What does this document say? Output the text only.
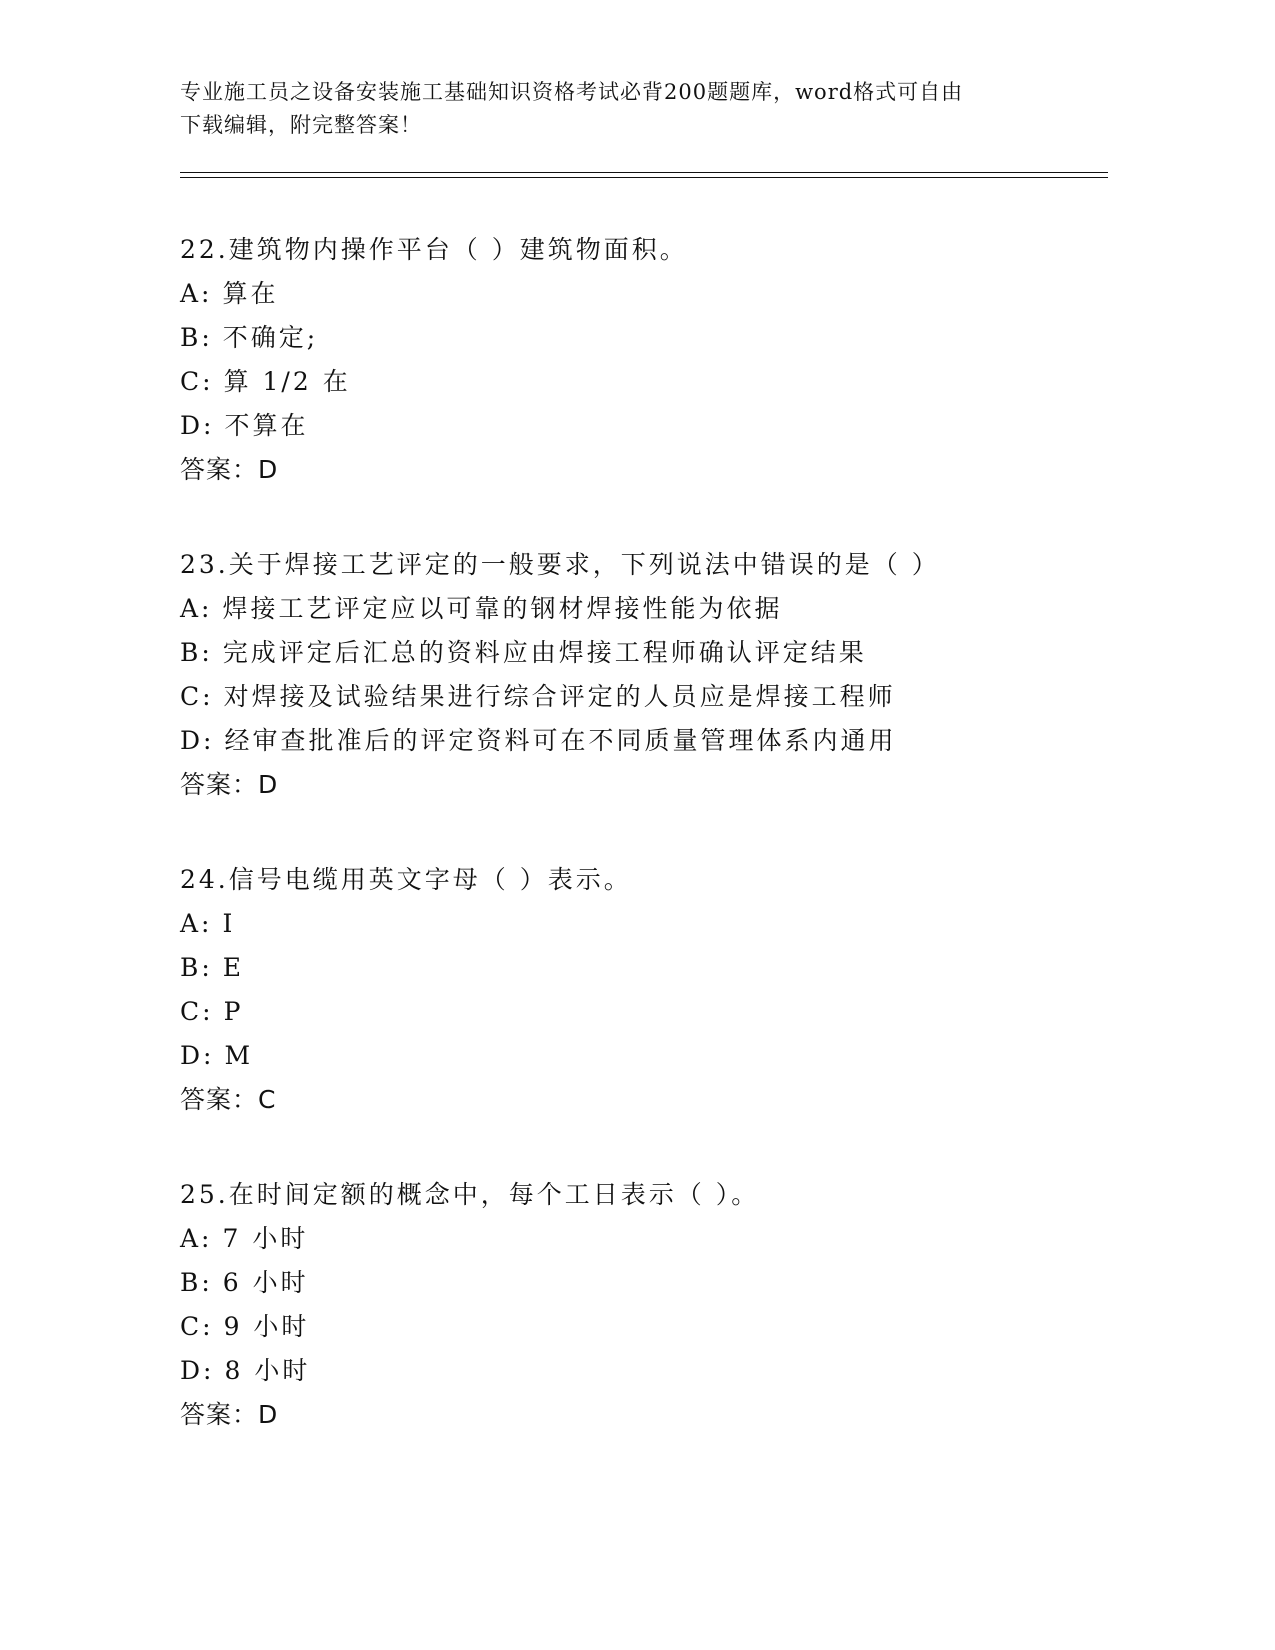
专业施工员之设备安装施工基础知识资格考试必背200题题库，word格式可自由
下载编辑，附完整答案！
22.建筑物内操作平台（ ）建筑物面积。
A: 算在
B: 不确定;
C: 算 1/2 在
D: 不算在
答案：D
23.关于焊接工艺评定的一般要求，下列说法中错误的是（ ）
A: 焊接工艺评定应以可靠的钢材焊接性能为依据
B: 完成评定后汇总的资料应由焊接工程师确认评定结果
C: 对焊接及试验结果进行综合评定的人员应是焊接工程师
D: 经审查批准后的评定资料可在不同质量管理体系内通用
答案：D
24.信号电缆用英文字母（ ）表示。
A: I
B: E
C: P
D: M
答案：C
25.在时间定额的概念中，每个工日表示（ ）。
A: 7 小时
B: 6 小时
C: 9 小时
D: 8 小时
答案：D
